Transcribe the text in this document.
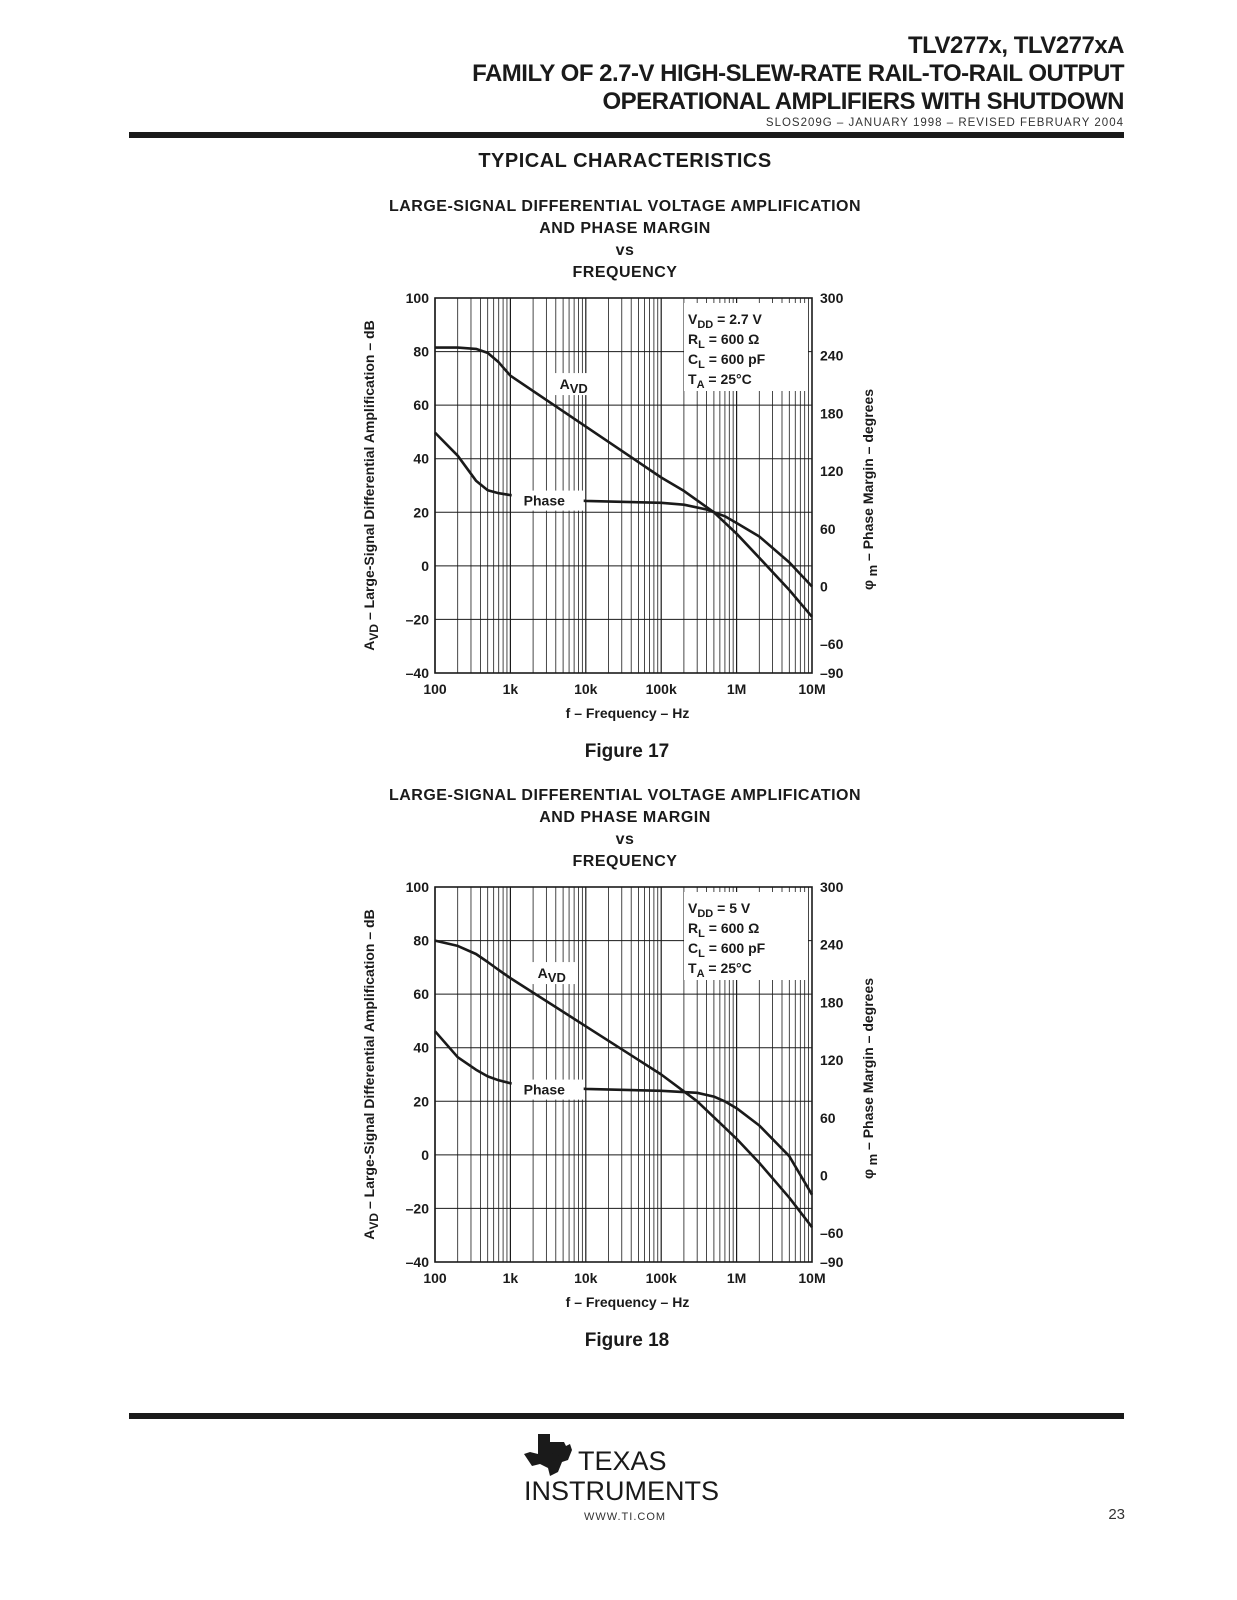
TLV277x, TLV277xA
FAMILY OF 2.7-V HIGH-SLEW-RATE RAIL-TO-RAIL OUTPUT
OPERATIONAL AMPLIFIERS WITH SHUTDOWN
SLOS209G – JANUARY 1998 – REVISED FEBRUARY 2004
TYPICAL CHARACTERISTICS
LARGE-SIGNAL DIFFERENTIAL VOLTAGE AMPLIFICATION
AND PHASE MARGIN
vs
FREQUENCY
$V_{DD} = 2.7$ V
$R_L = 600$ Ω
$C_L = 600$ pF
$T_A = 25^\circ C$
AVD
Phase
100
80
60
40
20
0
–20
–40
300
240
180
120
60
0
–60
–90
100	1k	10k	100k	1M	10M
f – Frequency – Hz
AVD – Large-Signal Differential Amplification – dB	φ m – Phase Margin – degrees
Figure 17
LARGE-SIGNAL DIFFERENTIAL VOLTAGE AMPLIFICATION
AND PHASE MARGIN
vs
FREQUENCY
$V_{DD} = 5$ V
$R_L = 600$ Ω
$C_L = 600$ pF
$T_A = 25^\circ C$
AVD
Phase
100
80
60
40
20
0
–20
–40
300
240
180
120
60
0
–60
–90
100	1k	10k	100k	1M	10M
f – Frequency – Hz
AVD – Large-Signal Differential Amplification – dB	φ m – Phase Margin – degrees
Figure 18
ti TEXAS
INSTRUMENTS
WWW.TI.COM	23
